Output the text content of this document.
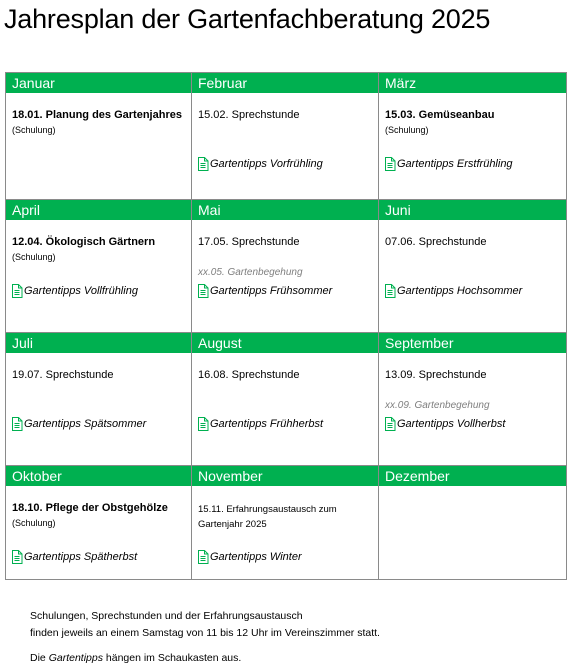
Jahresplan der Gartenfachberatung 2025
Januar
18.01. Planung des Gartenjahres
(Schulung)
Februar
15.02. Sprechstunde
Gartentipps Vorfrühling
März
15.03. Gemüseanbau
(Schulung)
Gartentipps Erstfrühling
April
12.04. Ökologisch Gärtnern
(Schulung)
Gartentipps Vollfrühling
Mai
17.05. Sprechstunde
xx.05. Gartenbegehung
Gartentipps Frühsommer
Juni
07.06. Sprechstunde
Gartentipps Hochsommer
Juli
19.07. Sprechstunde
Gartentipps Spätsommer
August
16.08. Sprechstunde
Gartentipps Frühherbst
September
13.09. Sprechstunde
xx.09. Gartenbegehung
Gartentipps Vollherbst
Oktober
18.10. Pflege der Obstgehölze
(Schulung)
Gartentipps Spätherbst
November
15.11. Erfahrungsaustausch zum
Gartenjahr 2025
Gartentipps Winter
Dezember
Schulungen, Sprechstunden und der Erfahrungsaustausch
finden jeweils an einem Samstag von 11 bis 12 Uhr im Vereinszimmer statt.
Die Gartentipps hängen im Schaukasten aus.
